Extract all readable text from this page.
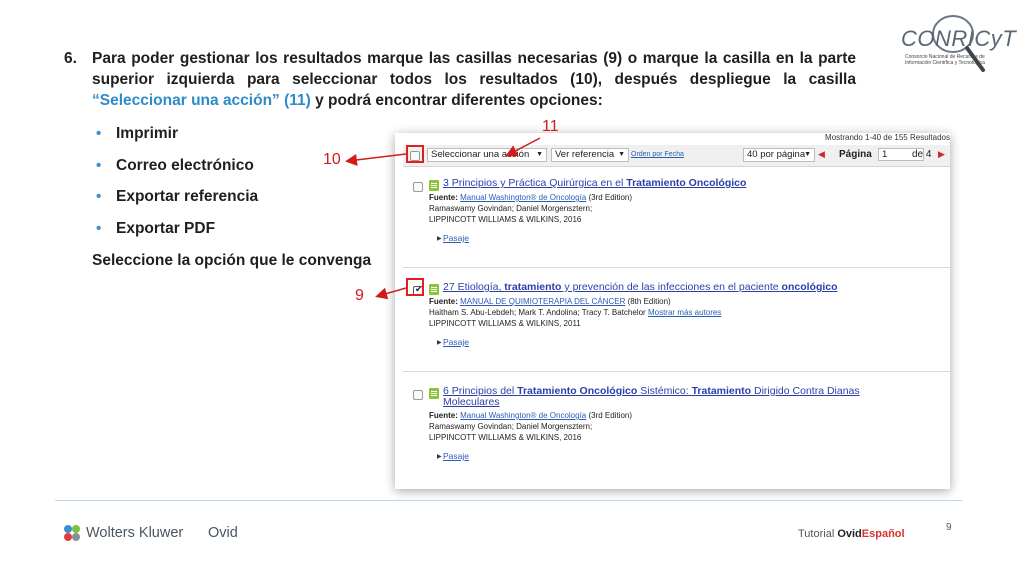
6. Para poder gestionar los resultados marque las casillas necesarias (9) o marque la casilla en la parte superior izquierda para seleccionar todos los resultados (10), después despliegue la casilla “Seleccionar una acción” (11) y podrá encontrar diferentes opciones:
• Imprimir
• Correo electrónico
• Exportar referencia
• Exportar PDF
Seleccione la opción que le convenga
CONRICyT
Consorcio Nacional de Recursos de Información Científica y Tecnológica
Mostrando 1-40 de 155 Resultados
Seleccionar una acción ▼	Ver referencia ▼ Orden por Fecha	40 por página
▼ ◀ Página	1	de 4 ▶
3 Principios y Práctica Quirúrgica en el Tratamiento Oncológico
Fuente: Manual Washington® de Oncología (3rd Edition)
Ramaswamy Govindan; Daniel Morgensztern;
LIPPINCOTT WILLIAMS & WILKINS, 2016
▶ Pasaje
✔
27 Etiología, tratamiento y prevención de las infecciones en el paciente oncológico
Fuente: MANUAL DE QUIMIOTERAPIA DEL CÁNCER (8th Edition)
Haitham S. Abu-Lebdeh; Mark T. Andolina; Tracy T. Batchelor Mostrar más autores
LIPPINCOTT WILLIAMS & WILKINS, 2011
▶ Pasaje
6 Principios del Tratamiento Oncológico Sistémico: Tratamiento Dirigido Contra Dianas Moleculares
Fuente: Manual Washington® de Oncología (3rd Edition)
Ramaswamy Govindan; Daniel Morgensztern;
LIPPINCOTT WILLIAMS & WILKINS, 2016
▶ Pasaje
11
10
9
Wolters Kluwer Ovid	Tutorial OvidEspañol
9
